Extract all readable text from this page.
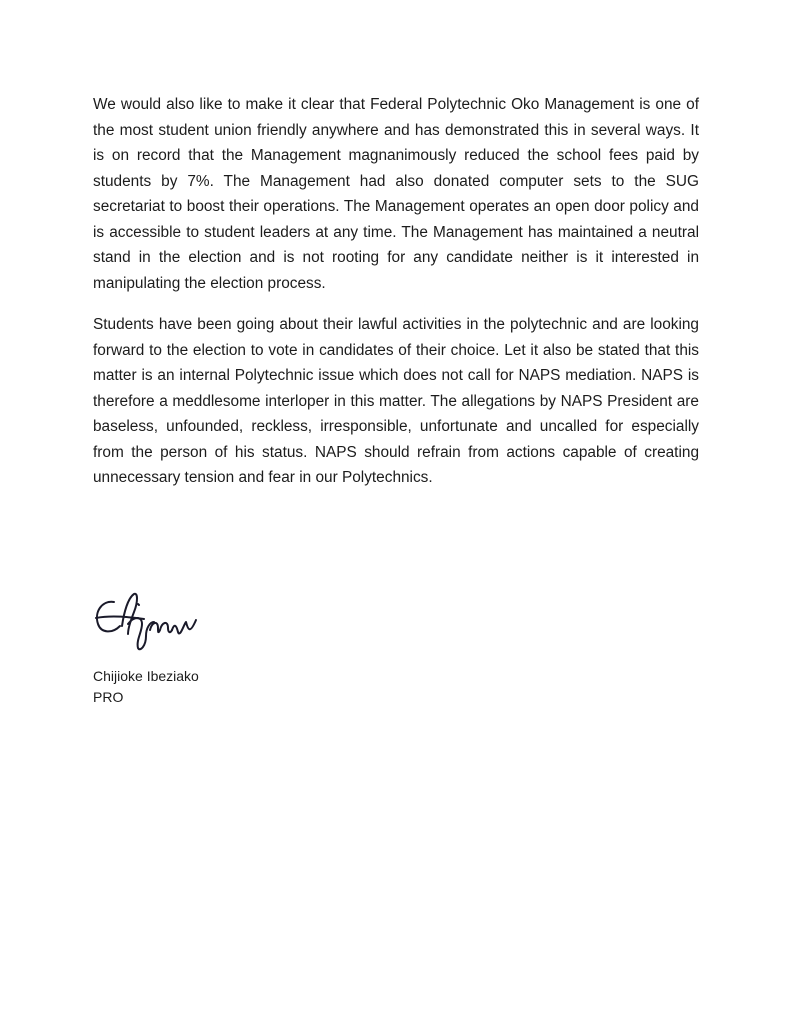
We would also like to make it clear that Federal Polytechnic Oko Management is one of the most student union friendly anywhere and has demonstrated this in several ways. It is on record that the Management magnanimously reduced the school fees paid by students by 7%. The Management had also donated computer sets to the SUG secretariat to boost their operations. The Management operates an open door policy and is accessible to student leaders at any time. The Management has maintained a neutral stand in the election and is not rooting for any candidate neither is it interested in manipulating the election process.

Students have been going about their lawful activities in the polytechnic and are looking forward to the election to vote in candidates of their choice. Let it also be stated that this matter is an internal Polytechnic issue which does not call for NAPS mediation. NAPS is therefore a meddlesome interloper in this matter. The allegations by NAPS President are baseless, unfounded, reckless, irresponsible, unfortunate and uncalled for especially from the person of his status. NAPS should refrain from actions capable of creating unnecessary tension and fear in our Polytechnics.

Chijioke Ibeziako

PRO
